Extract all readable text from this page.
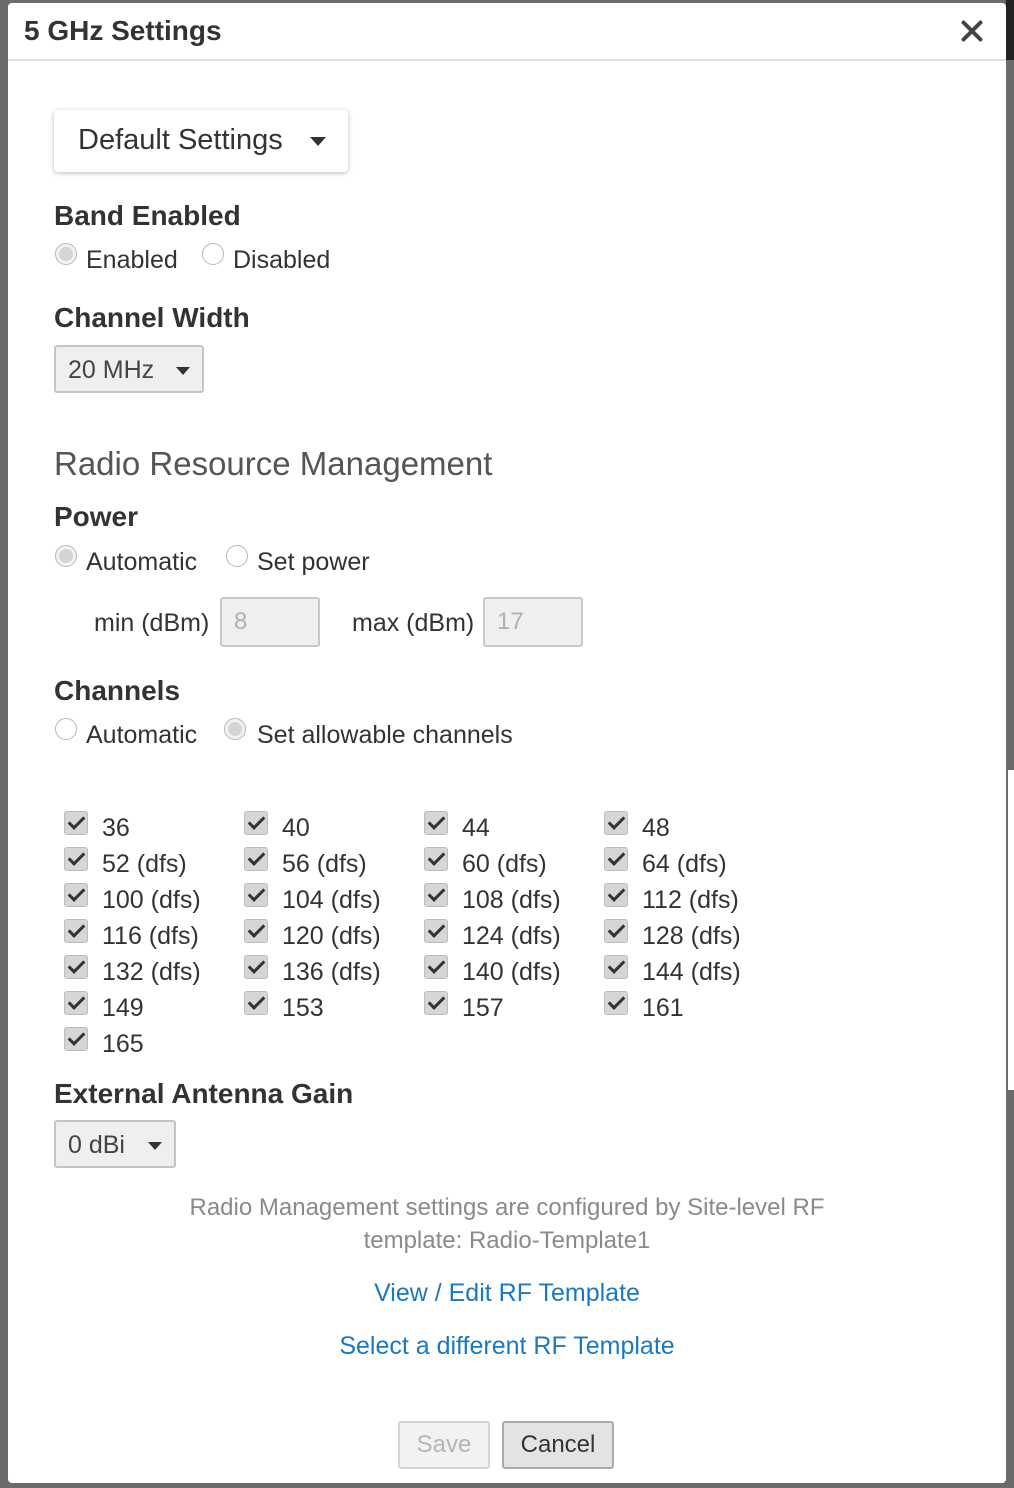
5 GHz Settings
Default Settings
Band Enabled
Enabled Disabled
Channel Width
20 MHz
Radio Resource Management
Power
Automatic Set power
min (dBm)
8	max (dBm)
17
Channels
Automatic Set allowable channels
36	40	44	48
52 (dfs)	56 (dfs)	60 (dfs)	64 (dfs)
100 (dfs)	104 (dfs)	108 (dfs)	112 (dfs)
116 (dfs)	120 (dfs)	124 (dfs)	128 (dfs)
132 (dfs)	136 (dfs)	140 (dfs)	144 (dfs)
149	153	157	161
165
External Antenna Gain
0 dBi
Radio Management settings are configured by Site-level RF
template: Radio-Template1
View / Edit RF Template
Select a different RF Template
Save	Cancel
